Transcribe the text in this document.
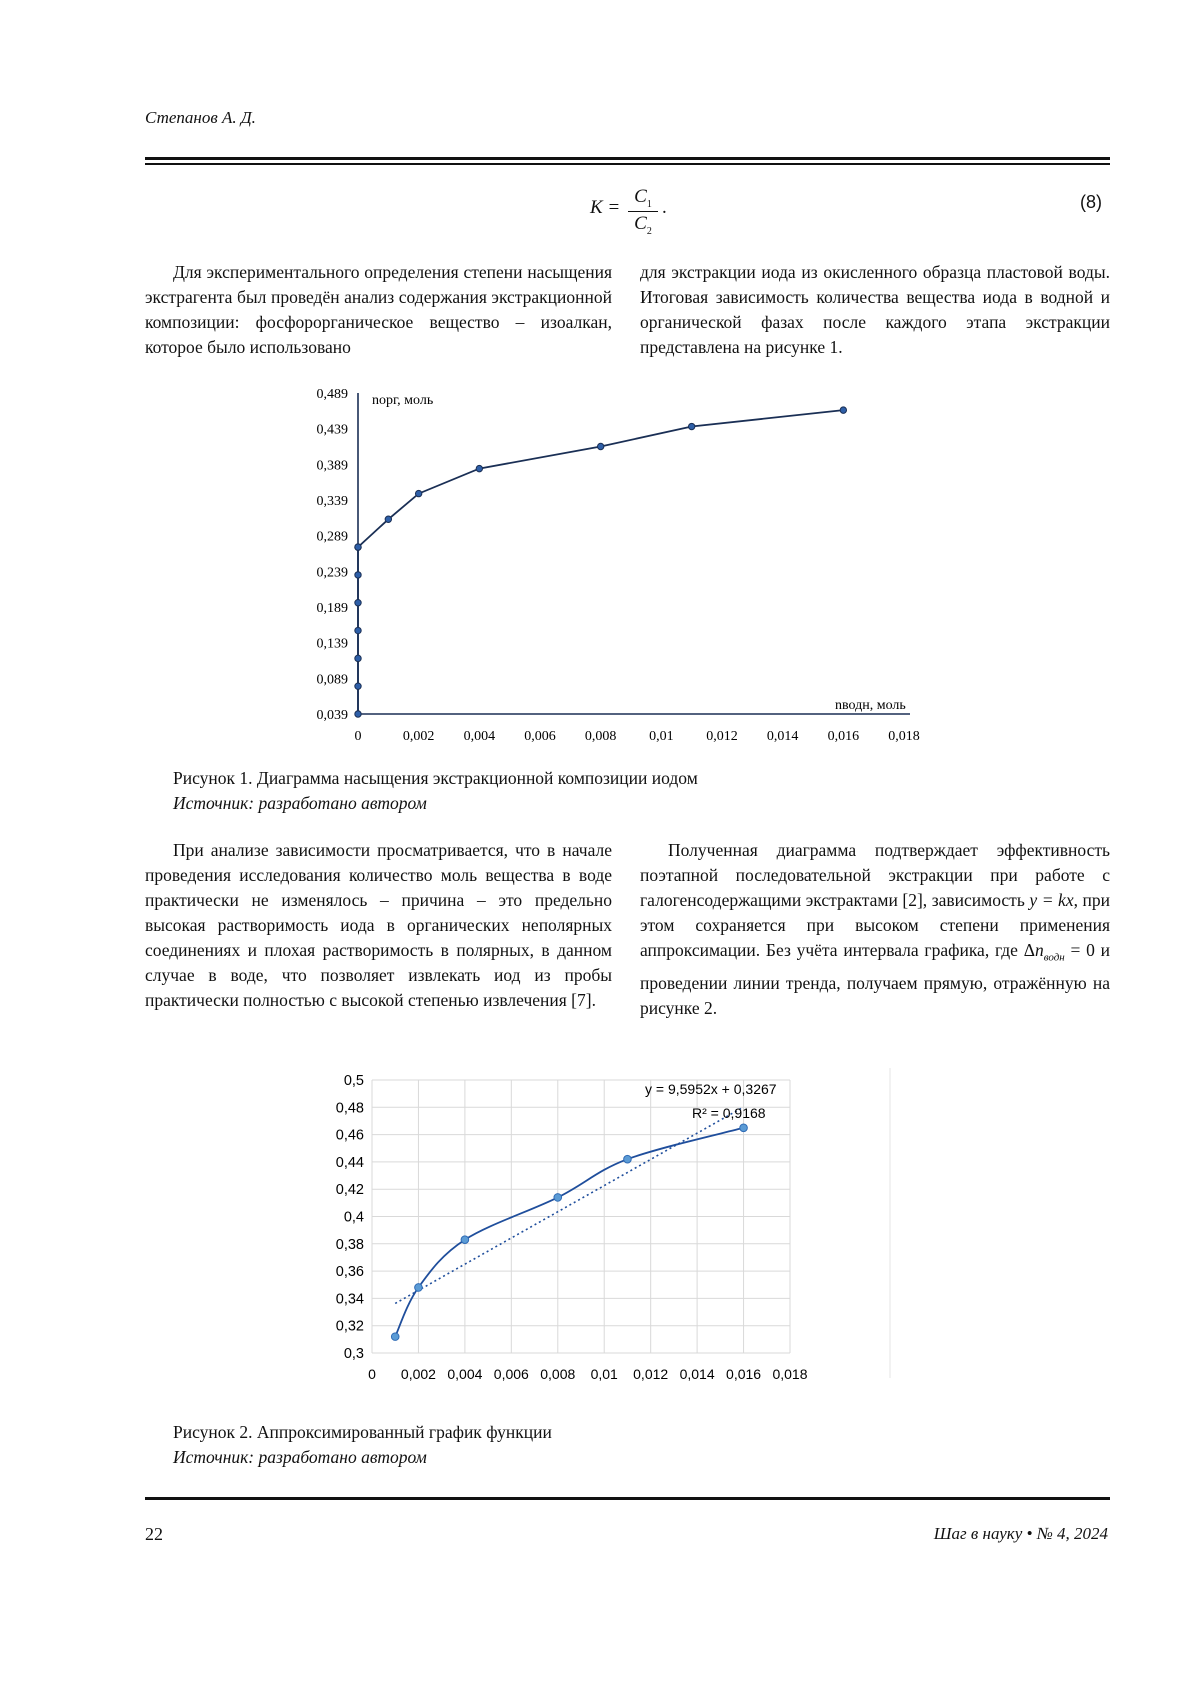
Степанов А. Д.
K =
$C_1$
$C_2$
.	(8)

Для экспериментального определения степени насыщения экстрагента был проведён анализ содержания экстракционной композиции: фосфорорганическое вещество – изоалкан, которое было использовано

для экстракции иода из окисленного образца пластовой воды. Итоговая зависимость количества вещества иода в водной и органической фазах после каждого этапа экстракции представлена на рисунке 1.

0,039
0,089
0,139
0,189
0,239
0,289
0,339
0,389
0,439
0,489
0	0,002 0,004 0,006 0,008 0,01 0,012 0,014 0,016 0,018
nорг, моль
nводн, моль
Рисунок 1. Диаграмма насыщения экстракционной композиции иодом
Источник: разработано автором

При анализе зависимости просматривается, что в начале проведения исследования количество моль вещества в воде практически не изменялось – причина – это предельно высокая растворимость иода в органических неполярных соединениях и плохая растворимость в полярных, в данном случае в воде, что позволяет извлекать иод из пробы практически полностью с высокой степенью извлечения [7].

Полученная диаграмма подтверждает эффективность поэтапной последовательной экстракции при работе с галогенсодержащими экстрактами [2], зависимость y = kx, при этом сохраняется при высоком степени применения аппроксимации. Без учёта интервала графика, где $\Delta n_{водн} = 0$ и проведении линии тренда, получаем прямую, отражённую на рисунке 2.

0,3
0,32
0,34
0,36
0,38
0,4
0,42
0,44
0,46
0,48
0,5
0 0,002 0,004 0,006 0,008 0,01 0,012 0,014 0,016 0,018
y = 9,5952x + 0,3267
R² = 0,9168
Рисунок 2. Аппроксимированный график функции
Источник: разработано автором
22	Шаг в науку • № 4, 2024
